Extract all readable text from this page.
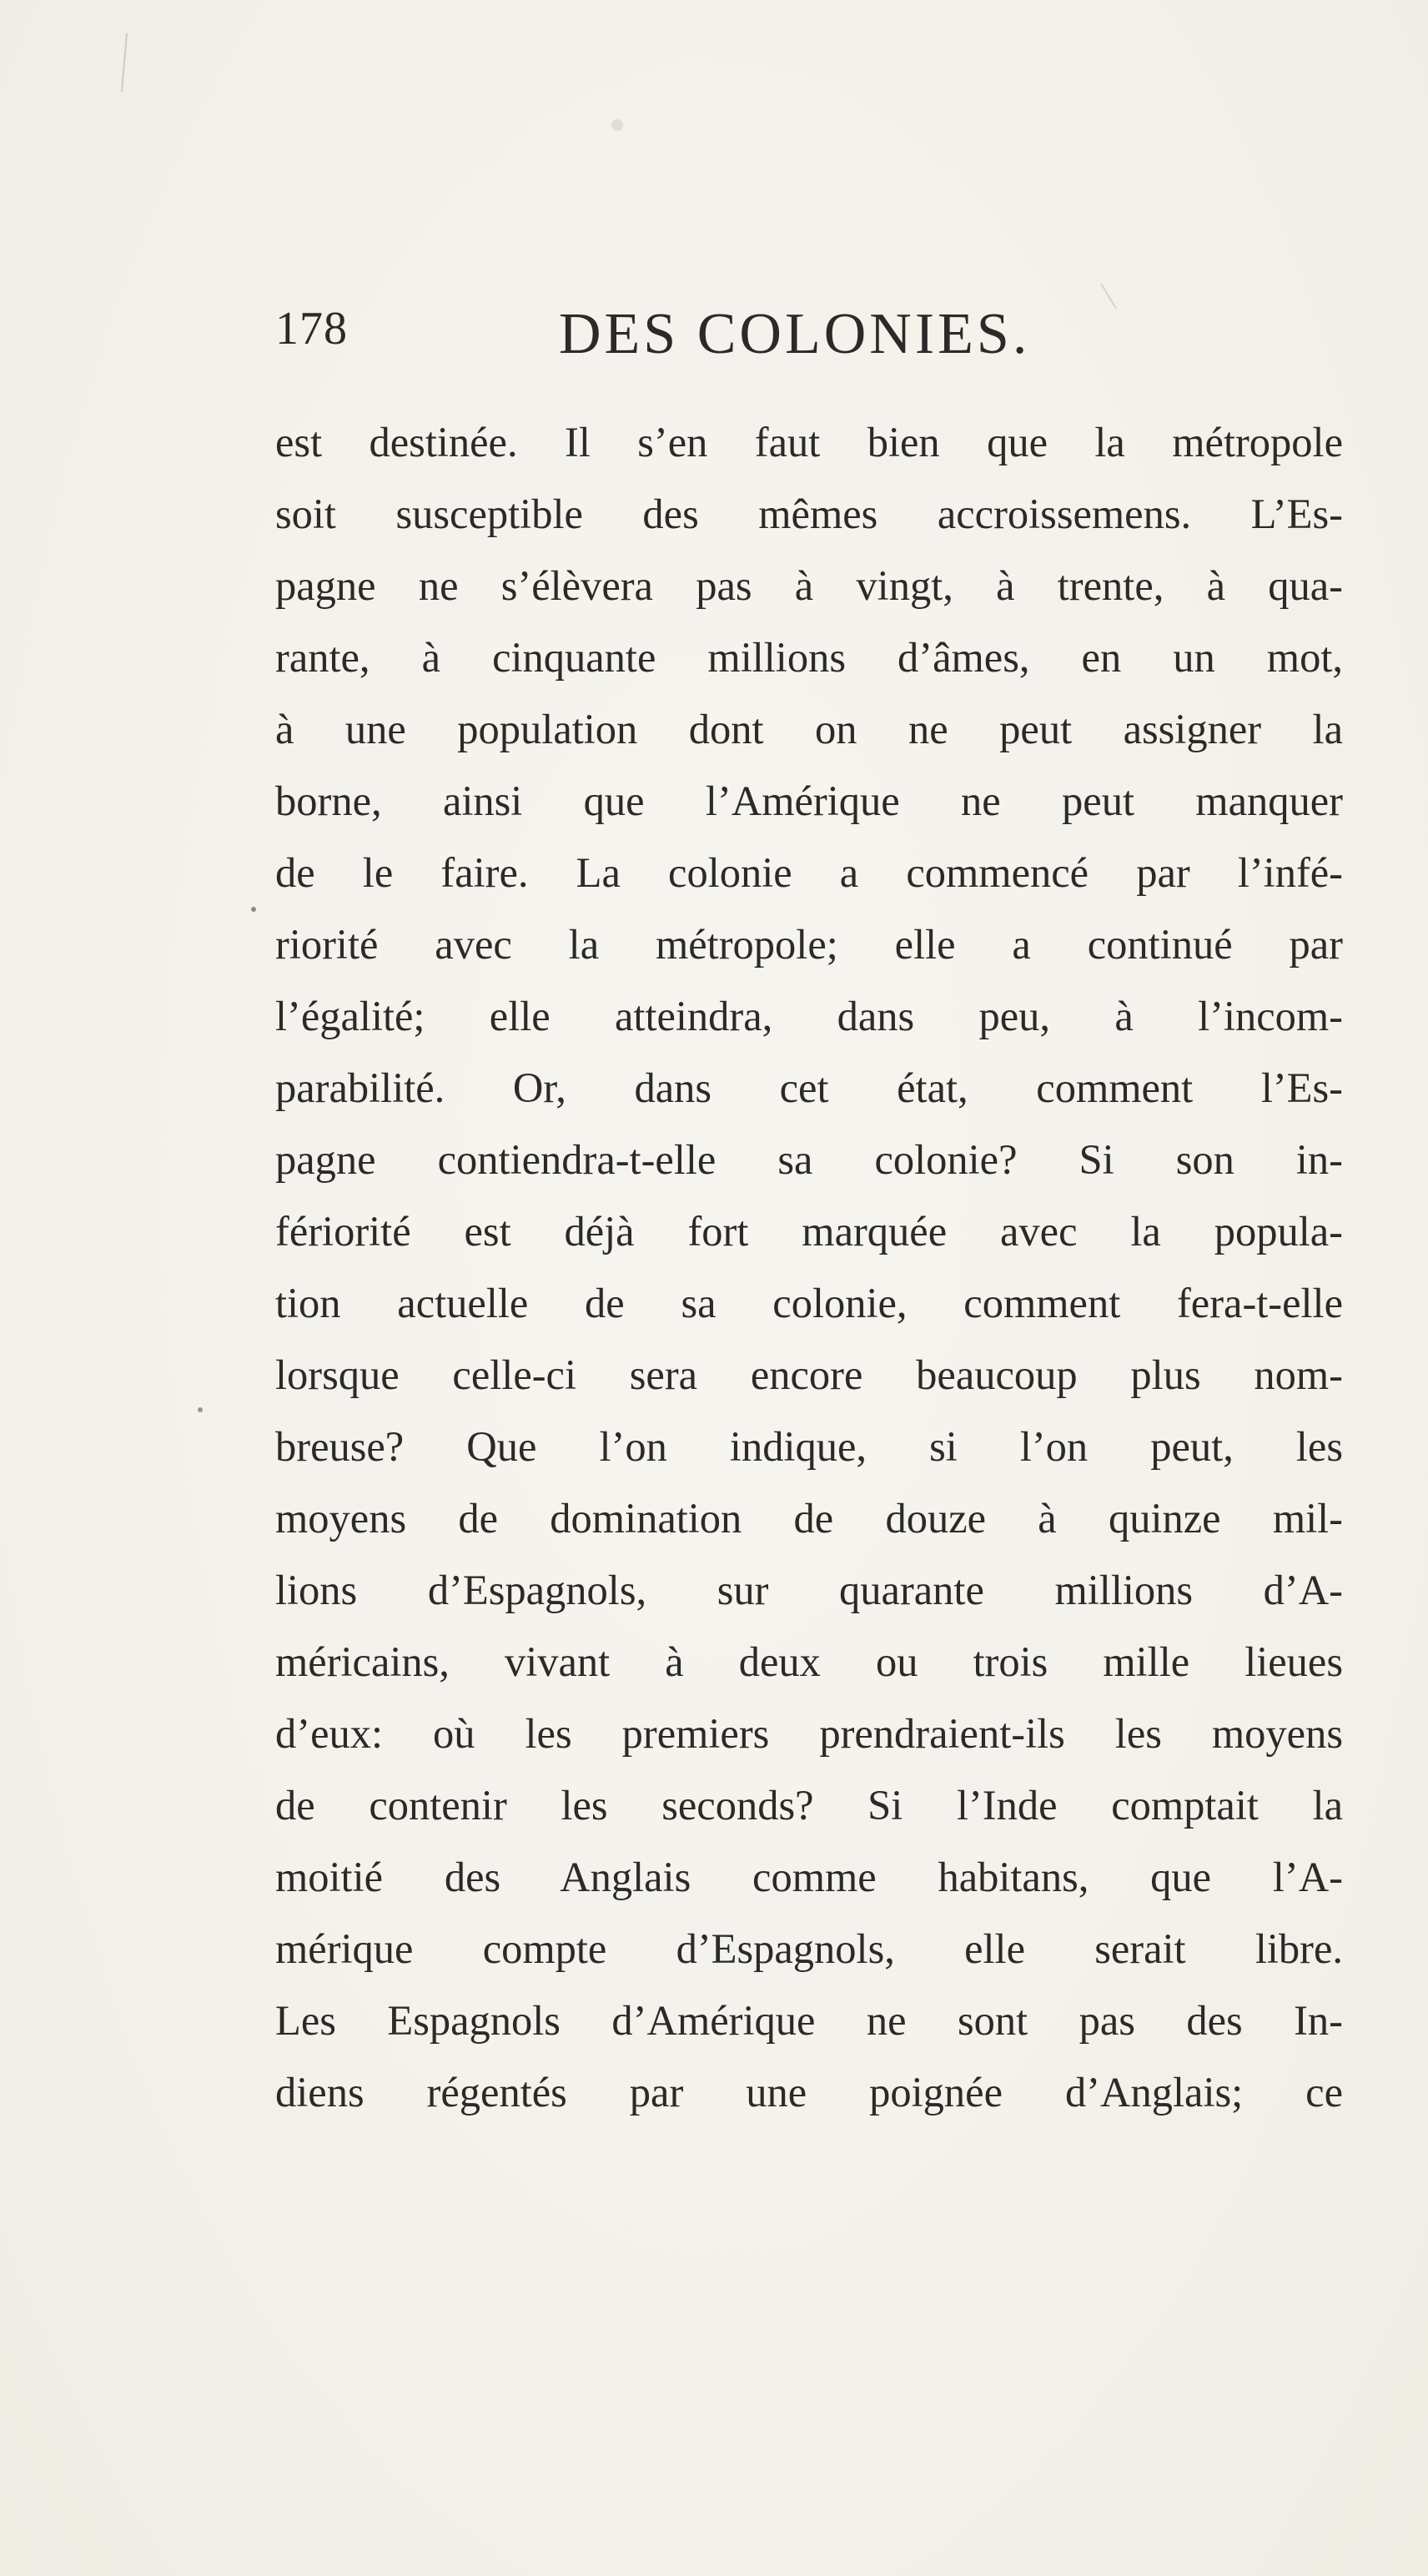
178	DES COLONIES.
est destinée. Il s’en faut bien que la métropole
soit susceptible des mêmes accroissemens. L’Es-
pagne ne s’élèvera pas à vingt, à trente, à qua-
rante, à cinquante millions d’âmes, en un mot,
à une population dont on ne peut assigner la
borne, ainsi que l’Amérique ne peut manquer
de le faire. La colonie a commencé par l’infé-
riorité avec la métropole; elle a continué par
l’égalité; elle atteindra, dans peu, à l’incom-
parabilité. Or, dans cet état, comment l’Es-
pagne contiendra-t-elle sa colonie? Si son in-
fériorité est déjà fort marquée avec la popula-
tion actuelle de sa colonie, comment fera-t-elle
lorsque celle-ci sera encore beaucoup plus nom-
breuse? Que l’on indique, si l’on peut, les
moyens de domination de douze à quinze mil-
lions d’Espagnols, sur quarante millions d’A-
méricains, vivant à deux ou trois mille lieues
d’eux: où les premiers prendraient-ils les moyens
de contenir les seconds? Si l’Inde comptait la
moitié des Anglais comme habitans, que l’A-
mérique compte d’Espagnols, elle serait libre.
Les Espagnols d’Amérique ne sont pas des In-
diens régentés par une poignée d’Anglais; ce
